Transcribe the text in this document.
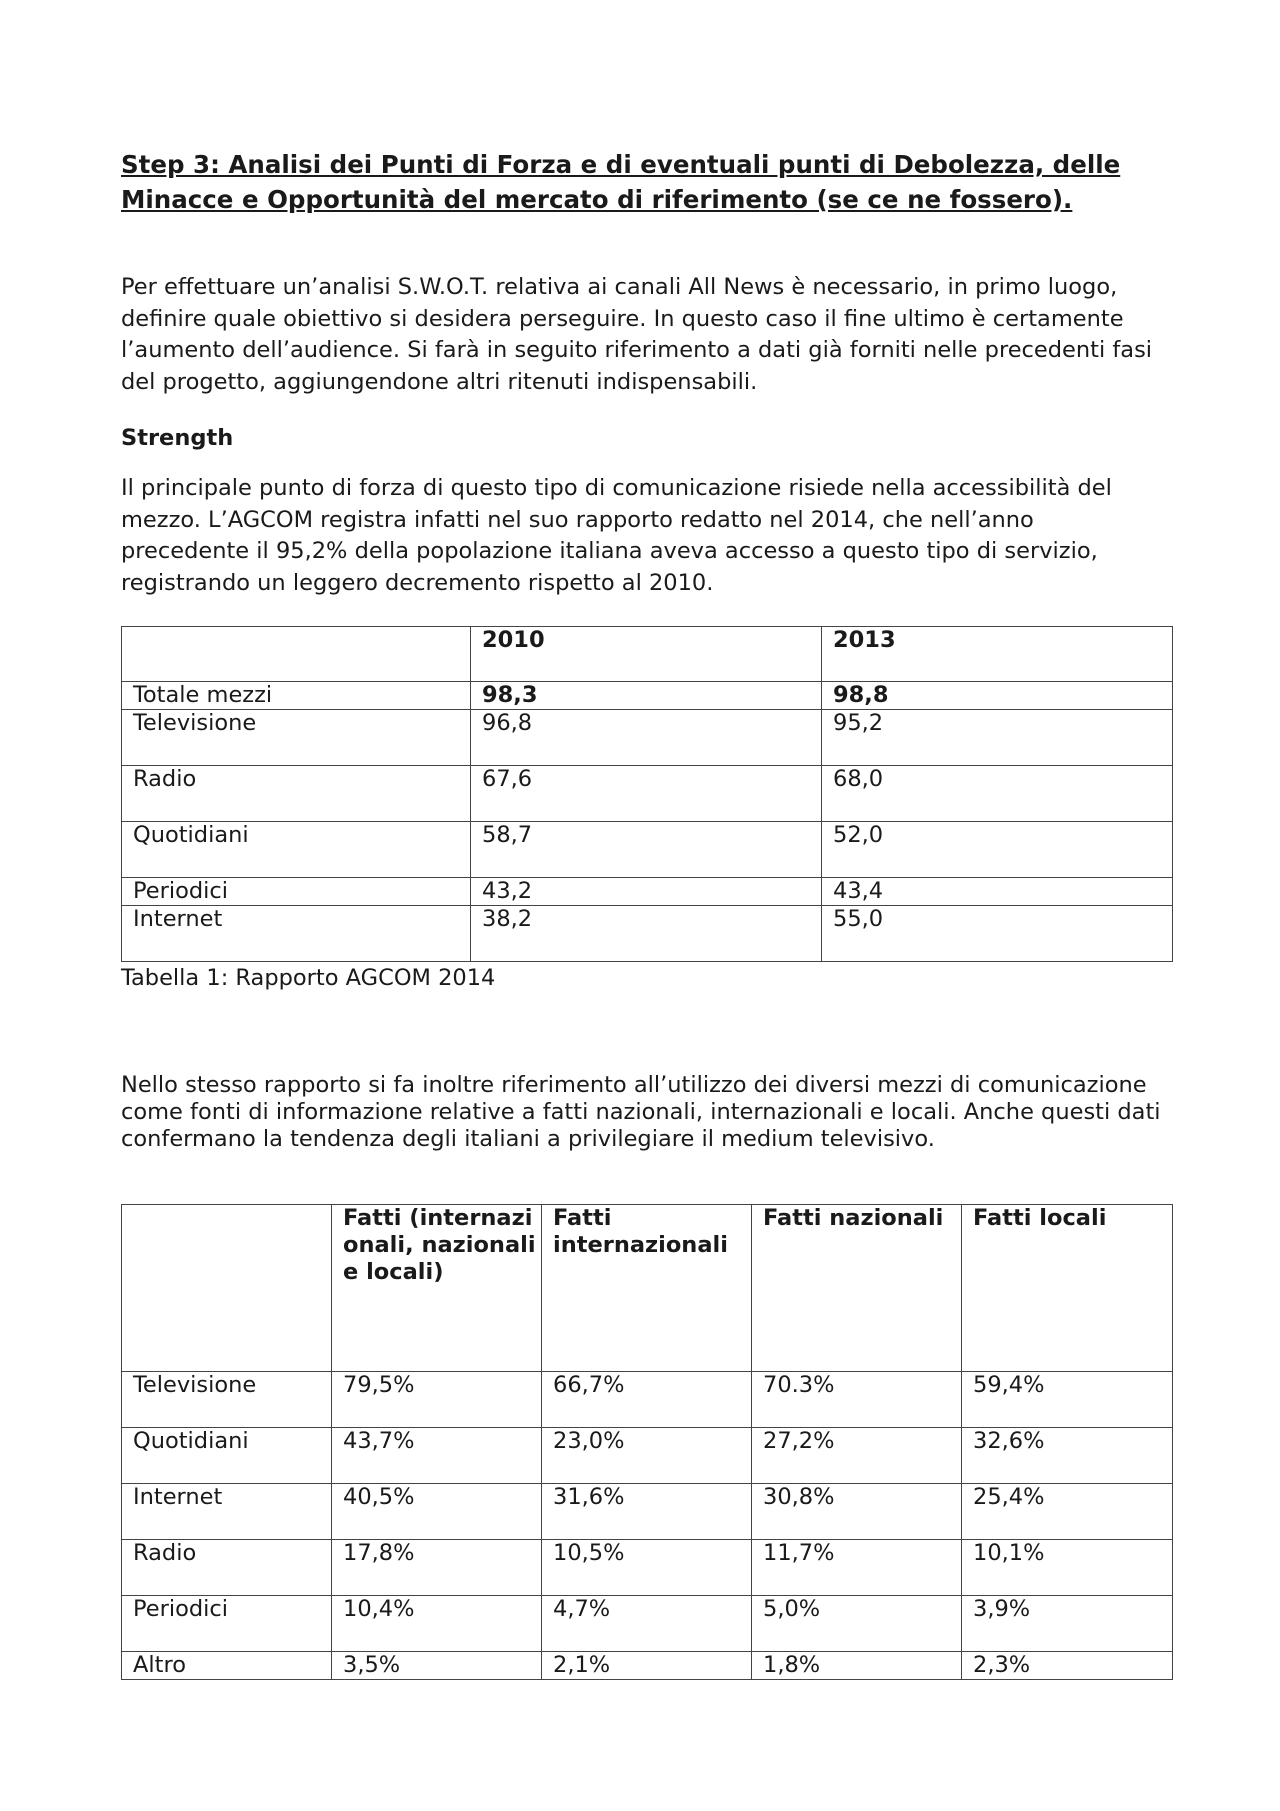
Step 3: Analisi dei Punti di Forza e di eventuali punti di Debolezza, delle Minacce e Opportunità del mercato di riferimento (se ce ne fossero).

Per effettuare un’analisi S.W.O.T. relativa ai canali All News è necessario, in primo luogo, definire quale obiettivo si desidera perseguire. In questo caso il fine ultimo è certamente l’aumento dell’audience. Si farà in seguito riferimento a dati già forniti nelle precedenti fasi del progetto, aggiungendone altri ritenuti indispensabili.

Strength

Il principale punto di forza di questo tipo di comunicazione risiede nella accessibilità del mezzo. L’AGCOM registra infatti nel suo rapporto redatto nel 2014, che nell’anno precedente il 95,2% della popolazione italiana aveva accesso a questo tipo di servizio, registrando un leggero decremento rispetto al 2010.

	2010	2013
Totale mezzi	98,3	98,8
Televisione	96,8	95,2
Radio	67,6	68,0
Quotidiani	58,7	52,0
Periodici	43,2	43,4
Internet	38,2	55,0

Tabella 1: Rapporto AGCOM 2014

Nello stesso rapporto si fa inoltre riferimento all’utilizzo dei diversi mezzi di comunicazione come fonti di informazione relative a fatti nazionali, internazionali e locali. Anche questi dati confermano la tendenza degli italiani a privilegiare il medium televisivo.

	Fatti (internazionali, nazionali e locali)	Fatti internazionali	Fatti nazionali	Fatti locali
Televisione	79,5%	66,7%	70.3%	59,4%
Quotidiani	43,7%	23,0%	27,2%	32,6%
Internet	40,5%	31,6%	30,8%	25,4%
Radio	17,8%	10,5%	11,7%	10,1%
Periodici	10,4%	4,7%	5,0%	3,9%
Altro	3,5%	2,1%	1,8%	2,3%
